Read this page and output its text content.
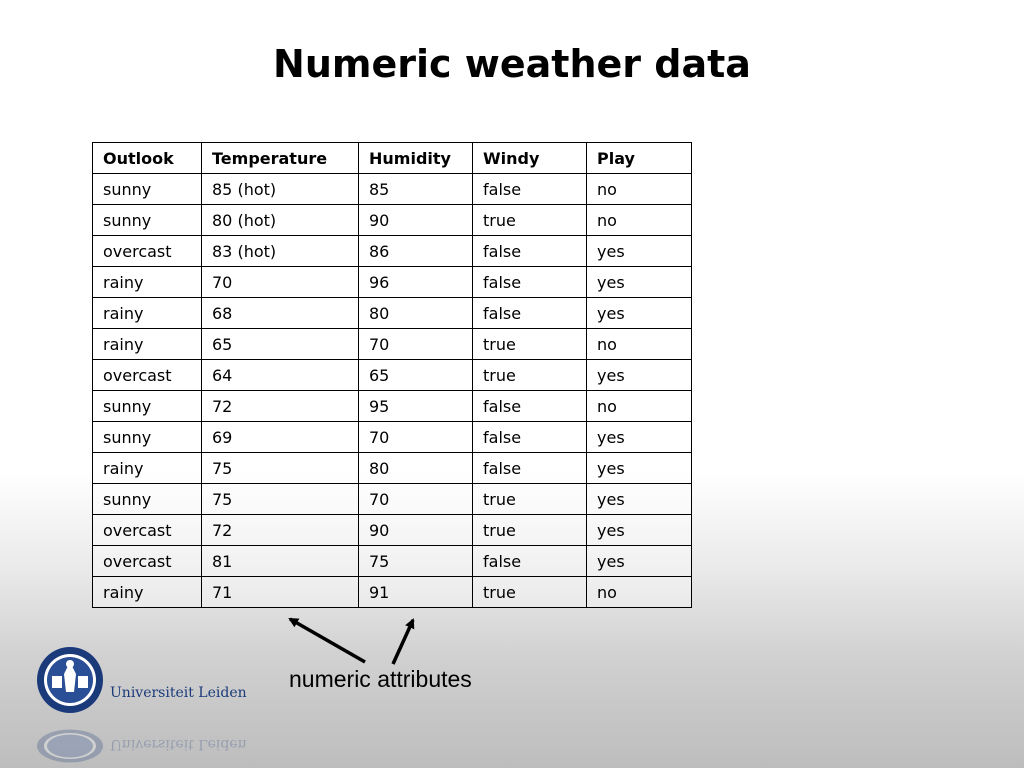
Numeric weather data
Outlook	Temperature	Humidity	Windy	Play
sunny	85 (hot)	85	false	no
sunny	80 (hot)	90	true	no
overcast	83 (hot)	86	false	yes
rainy	70	96	false	yes
rainy	68	80	false	yes
rainy	65	70	true	no
overcast	64	65	true	yes
sunny	72	95	false	no
sunny	69	70	false	yes
rainy	75	80	false	yes
sunny	75	70	true	yes
overcast	72	90	true	yes
overcast	81	75	false	yes
rainy	71	91	true	no
numeric attributes
Universiteit Leiden
Universiteit Leiden
